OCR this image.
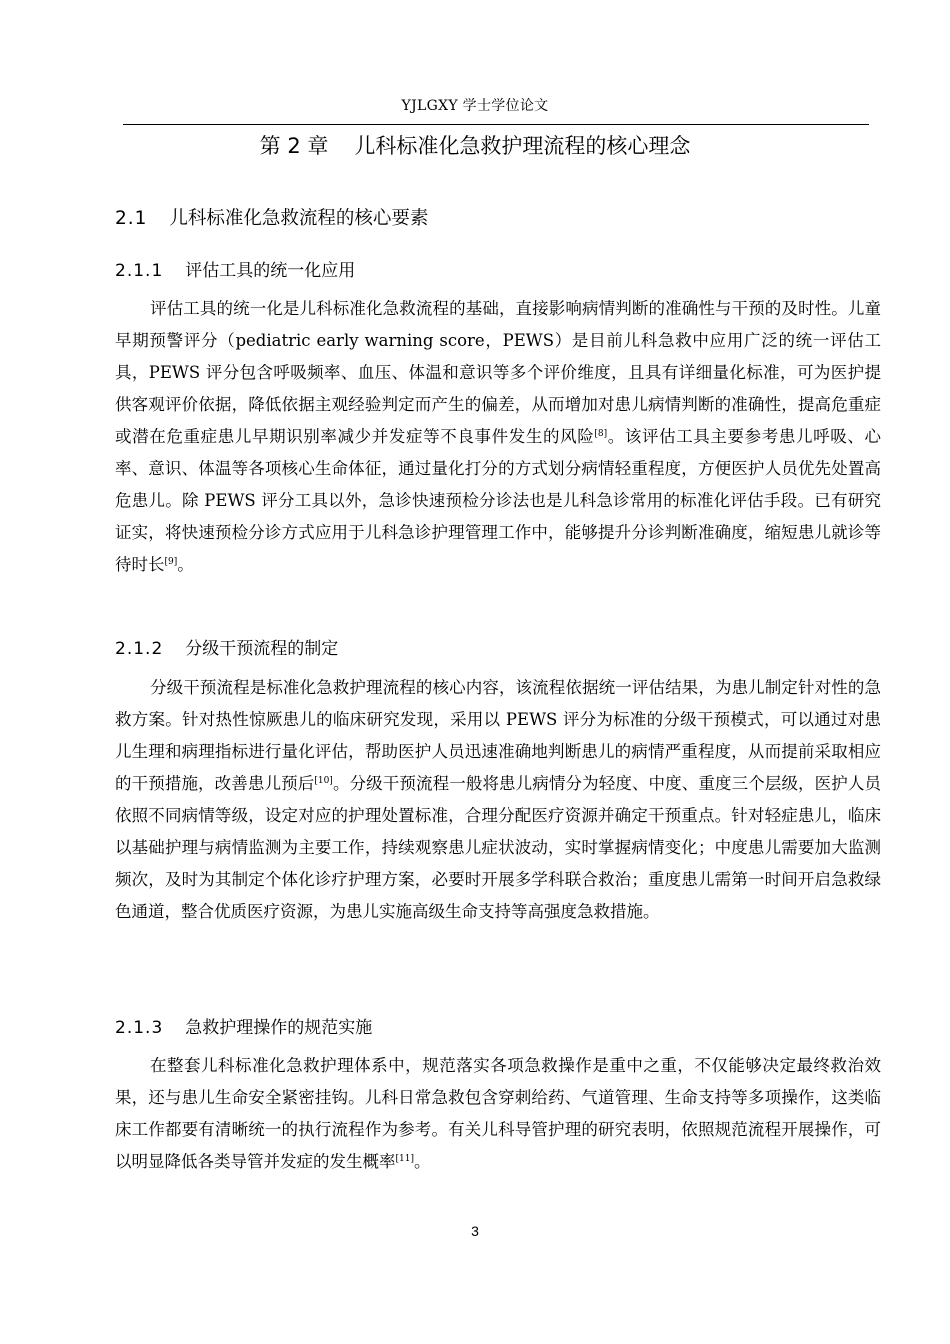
YJLGXY 学士学位论文
第 2 章 儿科标准化急救护理流程的核心理念
2.1 儿科标准化急救流程的核心要素
2.1.1 评估工具的统一化应用

评估工具的统一化是儿科标准化急救流程的基础，直接影响病情判断的准确性与干预的及时性。儿童早期预警评分（pediatric early warning score，PEWS）是目前儿科急救中应用广泛的统一评估工具，PEWS 评分包含呼吸频率、血压、体温和意识等多个评价维度，且具有详细量化标准，可为医护提供客观评价依据，降低依据主观经验判定而产生的偏差，从而增加对患儿病情判断的准确性，提高危重症或潜在危重症患儿早期识别率减少并发症等不良事件发生的风险[8]。该评估工具主要参考患儿呼吸、心率、意识、体温等各项核心生命体征，通过量化打分的方式划分病情轻重程度，方便医护人员优先处置高危患儿。除 PEWS 评分工具以外，急诊快速预检分诊法也是儿科急诊常用的标准化评估手段。已有研究证实，将快速预检分诊方式应用于儿科急诊护理管理工作中，能够提升分诊判断准确度，缩短患儿就诊等待时长[9]。

2.1.2 分级干预流程的制定

分级干预流程是标准化急救护理流程的核心内容，该流程依据统一评估结果，为患儿制定针对性的急救方案。针对热性惊厥患儿的临床研究发现，采用以 PEWS 评分为标准的分级干预模式，可以通过对患儿生理和病理指标进行量化评估，帮助医护人员迅速准确地判断患儿的病情严重程度，从而提前采取相应的干预措施，改善患儿预后[10]。分级干预流程一般将患儿病情分为轻度、中度、重度三个层级，医护人员依照不同病情等级，设定对应的护理处置标准，合理分配医疗资源并确定干预重点。针对轻症患儿，临床以基础护理与病情监测为主要工作，持续观察患儿症状波动，实时掌握病情变化；中度患儿需要加大监测频次，及时为其制定个体化诊疗护理方案，必要时开展多学科联合救治；重度患儿需第一时间开启急救绿色通道，整合优质医疗资源，为患儿实施高级生命支持等高强度急救措施。

2.1.3 急救护理操作的规范实施

在整套儿科标准化急救护理体系中，规范落实各项急救操作是重中之重，不仅能够决定最终救治效果，还与患儿生命安全紧密挂钩。儿科日常急救包含穿刺给药、气道管理、生命支持等多项操作，这类临床工作都要有清晰统一的执行流程作为参考。有关儿科导管护理的研究表明，依照规范流程开展操作，可以明显降低各类导管并发症的发生概率[11]。

3
